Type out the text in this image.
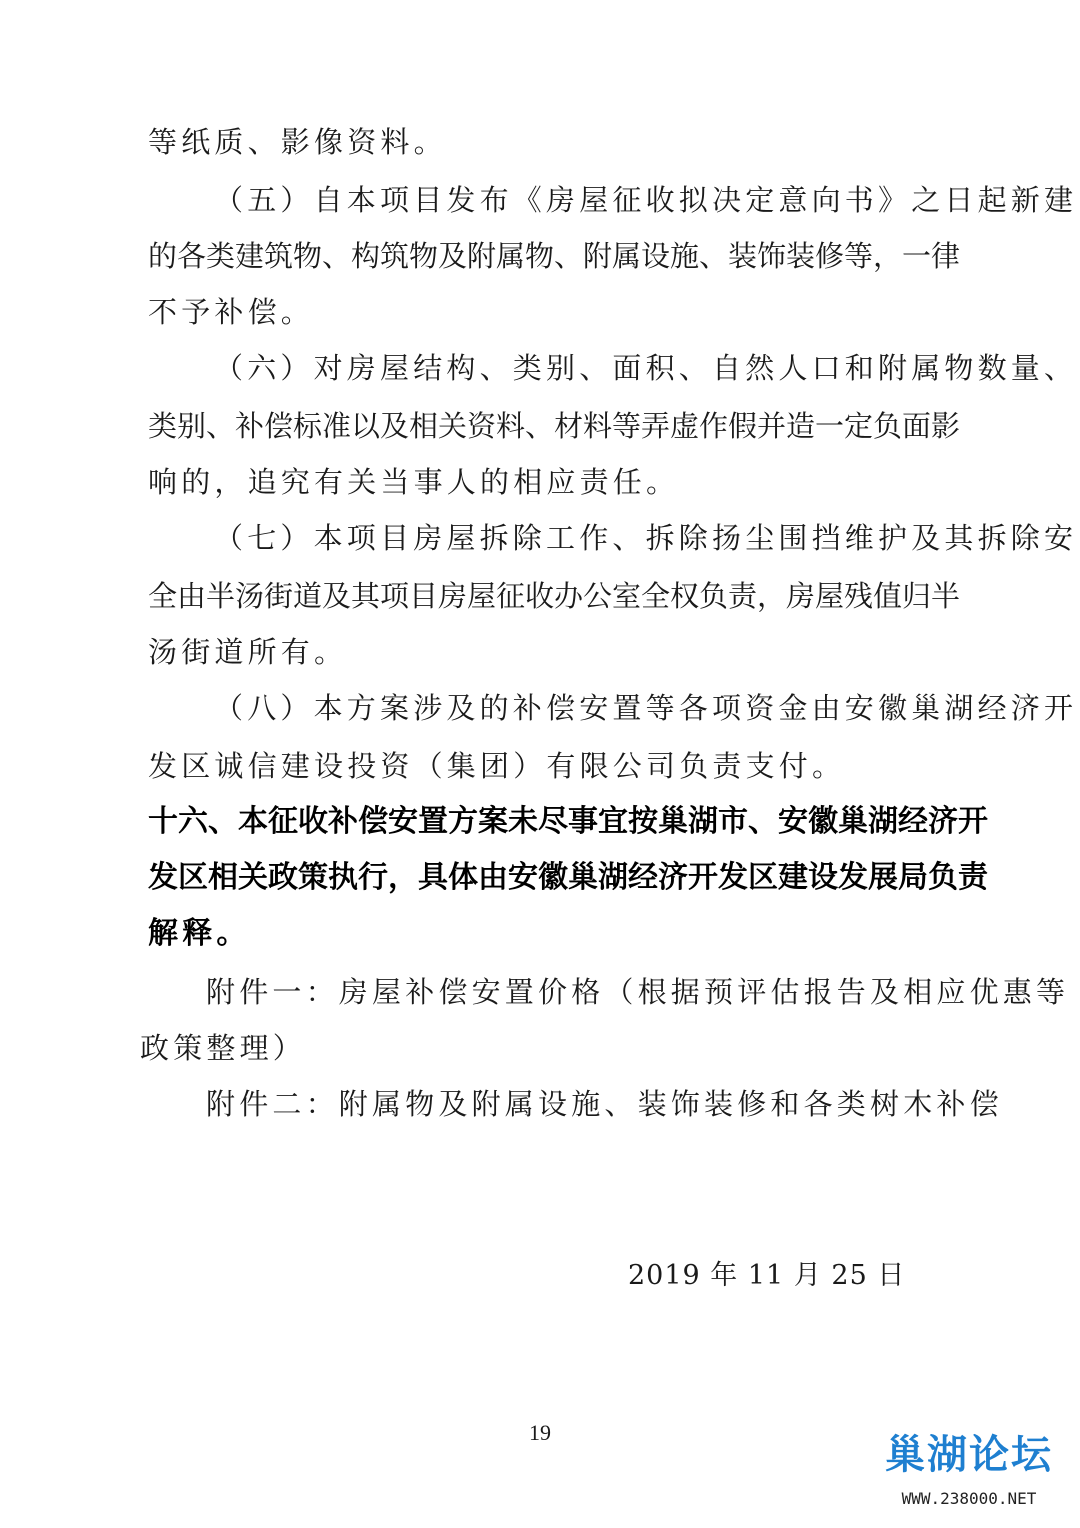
等纸质、影像资料。
（五）自本项目发布《房屋征收拟决定意向书》之日起新建
的各类建筑物、构筑物及附属物、附属设施、装饰装修等，一律
不予补偿。
（六）对房屋结构、类别、面积、自然人口和附属物数量、
类别、补偿标准以及相关资料、材料等弄虚作假并造一定负面影
响的，追究有关当事人的相应责任。
（七）本项目房屋拆除工作、拆除扬尘围挡维护及其拆除安
全由半汤街道及其项目房屋征收办公室全权负责，房屋残值归半
汤街道所有。
（八）本方案涉及的补偿安置等各项资金由安徽巢湖经济开
发区诚信建设投资（集团）有限公司负责支付。
十六、本征收补偿安置方案未尽事宜按巢湖市、安徽巢湖经济开
发区相关政策执行，具体由安徽巢湖经济开发区建设发展局负责
解释。
附件一：房屋补偿安置价格（根据预评估报告及相应优惠等
政策整理）
附件二：附属物及附属设施、装饰装修和各类树木补偿
2019 年 11 月 25 日
19	巢湖论坛
WWW.238000.NET
